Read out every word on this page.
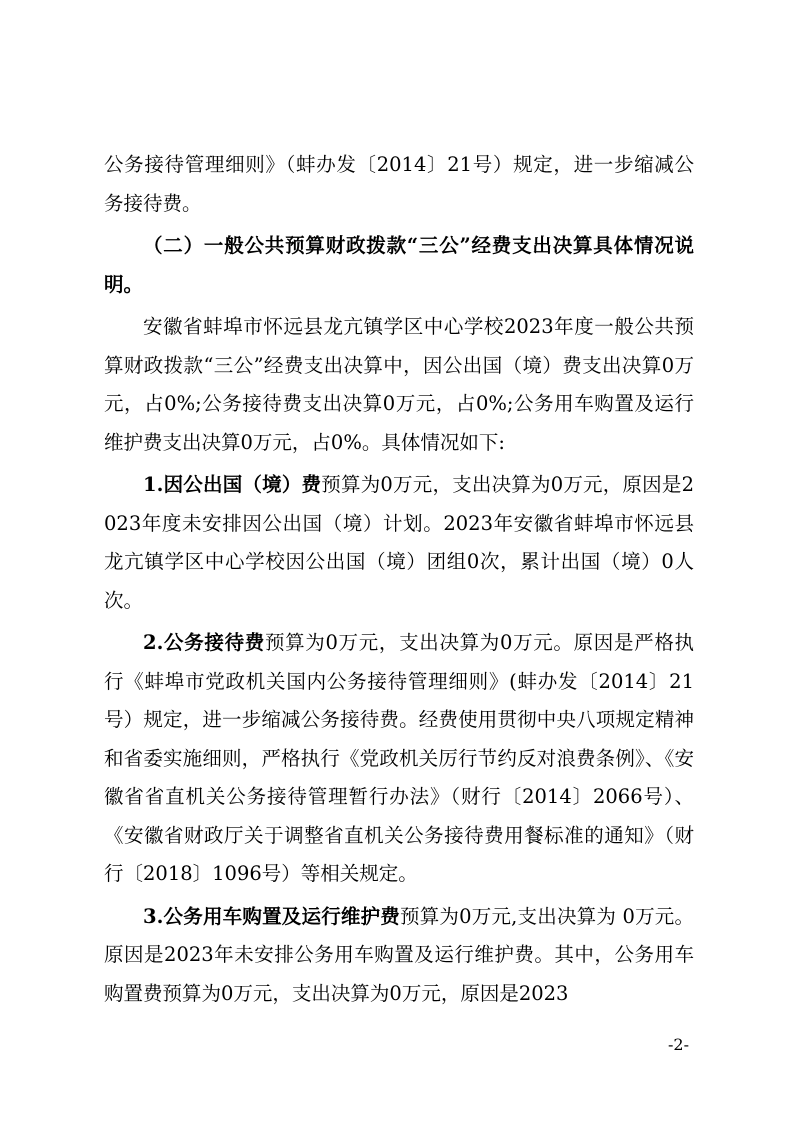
公务接待管理细则》（蚌办发〔2014〕21号）规定，进一步缩减公务接待费。

（二）一般公共预算财政拨款“三公”经费支出决算具体情况说明。

安徽省蚌埠市怀远县龙亢镇学区中心学校2023年度一般公共预算财政拨款“三公”经费支出决算中，因公出国（境）费支出决算0万元，占0%;公务接待费支出决算0万元，占0%;公务用车购置及运行维护费支出决算0万元，占0%。具体情况如下:

1.因公出国（境）费预算为0万元，支出决算为0万元，原因是2023年度未安排因公出国（境）计划。2023年安徽省蚌埠市怀远县龙亢镇学区中心学校因公出国（境）团组0次，累计出国（境）0人次。

2.公务接待费预算为0万元，支出决算为0万元。原因是严格执行《蚌埠市党政机关国内公务接待管理细则》(蚌办发〔2014〕21号）规定，进一步缩减公务接待费。经费使用贯彻中央八项规定精神和省委实施细则，严格执行《党政机关厉行节约反对浪费条例》、《安徽省省直机关公务接待管理暂行办法》（财行〔2014〕2066号）、《安徽省财政厅关于调整省直机关公务接待费用餐标准的通知》（财行〔2018〕1096号）等相关规定。

3.公务用车购置及运行维护费预算为0万元,支出决算为 0万元。原因是2023年未安排公务用车购置及运行维护费。其中，公务用车购置费预算为0万元，支出决算为0万元，原因是2023

-2-
